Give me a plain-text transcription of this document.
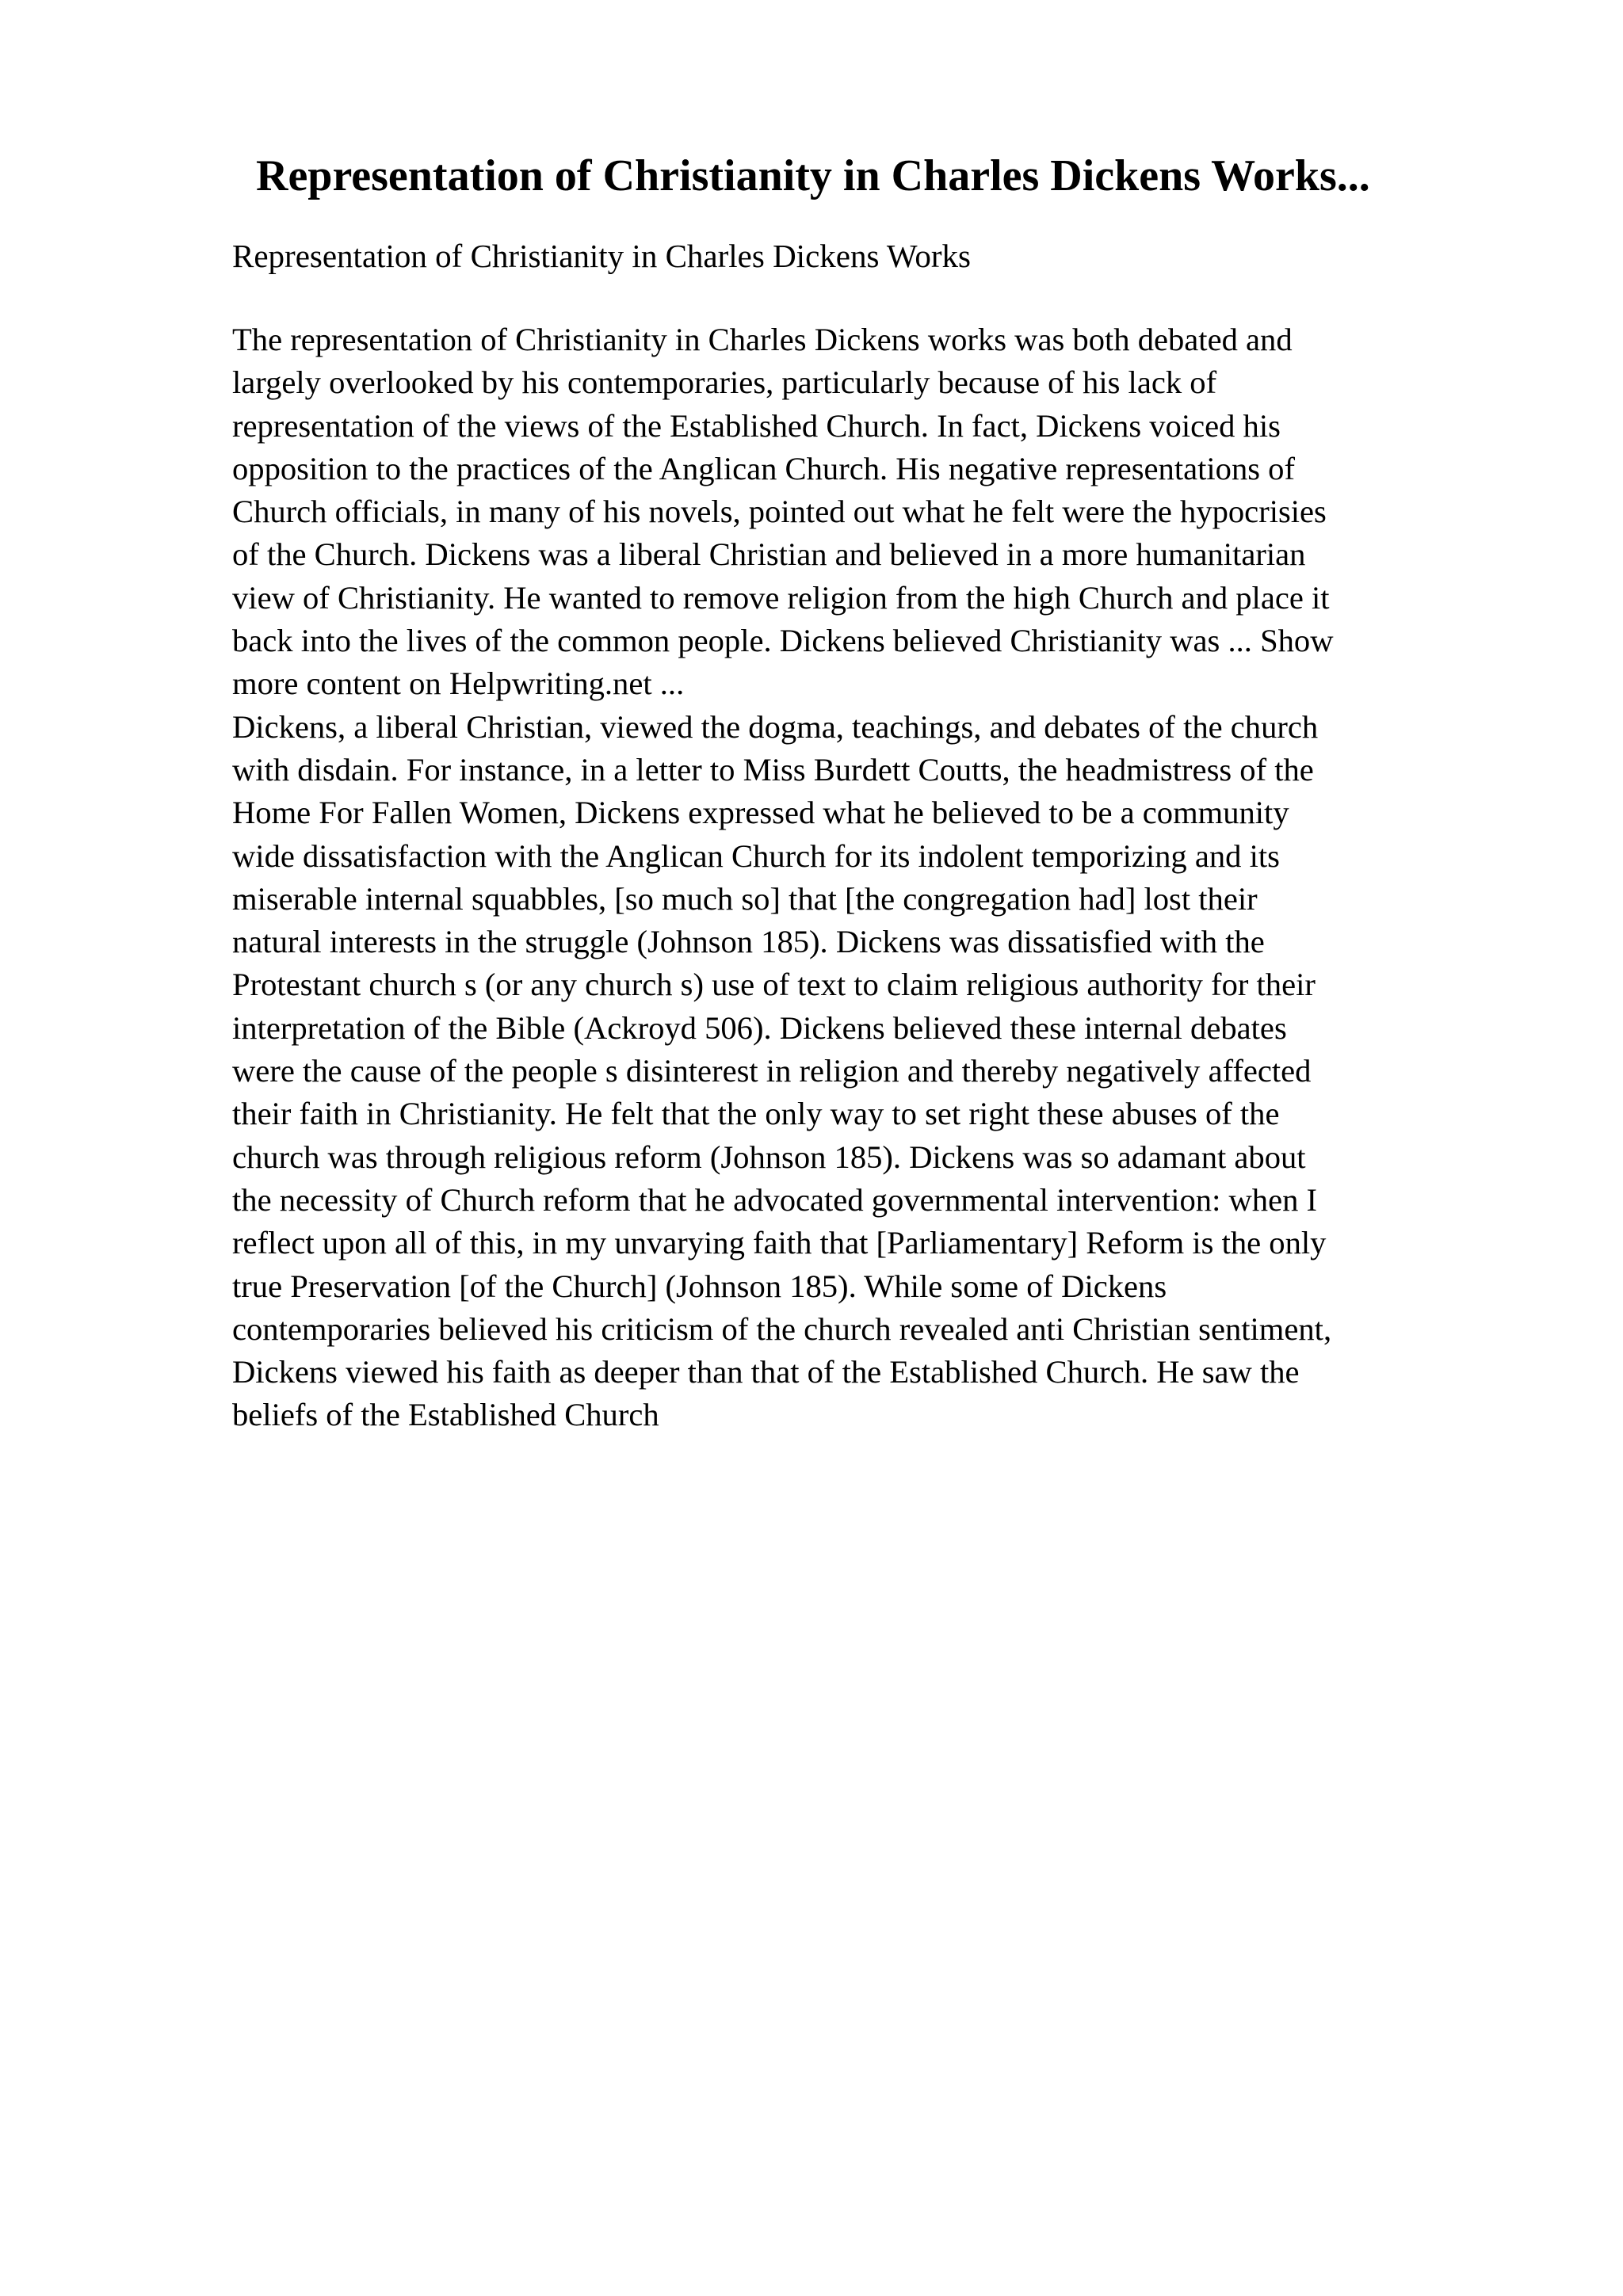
Representation of Christianity in Charles Dickens Works...
Representation of Christianity in Charles Dickens Works

The representation of Christianity in Charles Dickens works was both debated and
largely overlooked by his contemporaries, particularly because of his lack of
representation of the views of the Established Church. In fact, Dickens voiced his
opposition to the practices of the Anglican Church. His negative representations of
Church officials, in many of his novels, pointed out what he felt were the hypocrisies
of the Church. Dickens was a liberal Christian and believed in a more humanitarian
view of Christianity. He wanted to remove religion from the high Church and place it
back into the lives of the common people. Dickens believed Christianity was ... Show
more content on Helpwriting.net ...

Dickens, a liberal Christian, viewed the dogma, teachings, and debates of the church
with disdain. For instance, in a letter to Miss Burdett Coutts, the headmistress of the
Home For Fallen Women, Dickens expressed what he believed to be a community
wide dissatisfaction with the Anglican Church for its indolent temporizing and its
miserable internal squabbles, [so much so] that [the congregation had] lost their
natural interests in the struggle (Johnson 185). Dickens was dissatisfied with the
Protestant church s (or any church s) use of text to claim religious authority for their
interpretation of the Bible (Ackroyd 506). Dickens believed these internal debates
were the cause of the people s disinterest in religion and thereby negatively affected
their faith in Christianity. He felt that the only way to set right these abuses of the
church was through religious reform (Johnson 185). Dickens was so adamant about
the necessity of Church reform that he advocated governmental intervention: when I
reflect upon all of this, in my unvarying faith that [Parliamentary] Reform is the only
true Preservation [of the Church] (Johnson 185). While some of Dickens
contemporaries believed his criticism of the church revealed anti Christian sentiment,
Dickens viewed his faith as deeper than that of the Established Church. He saw the
beliefs of the Established Church
